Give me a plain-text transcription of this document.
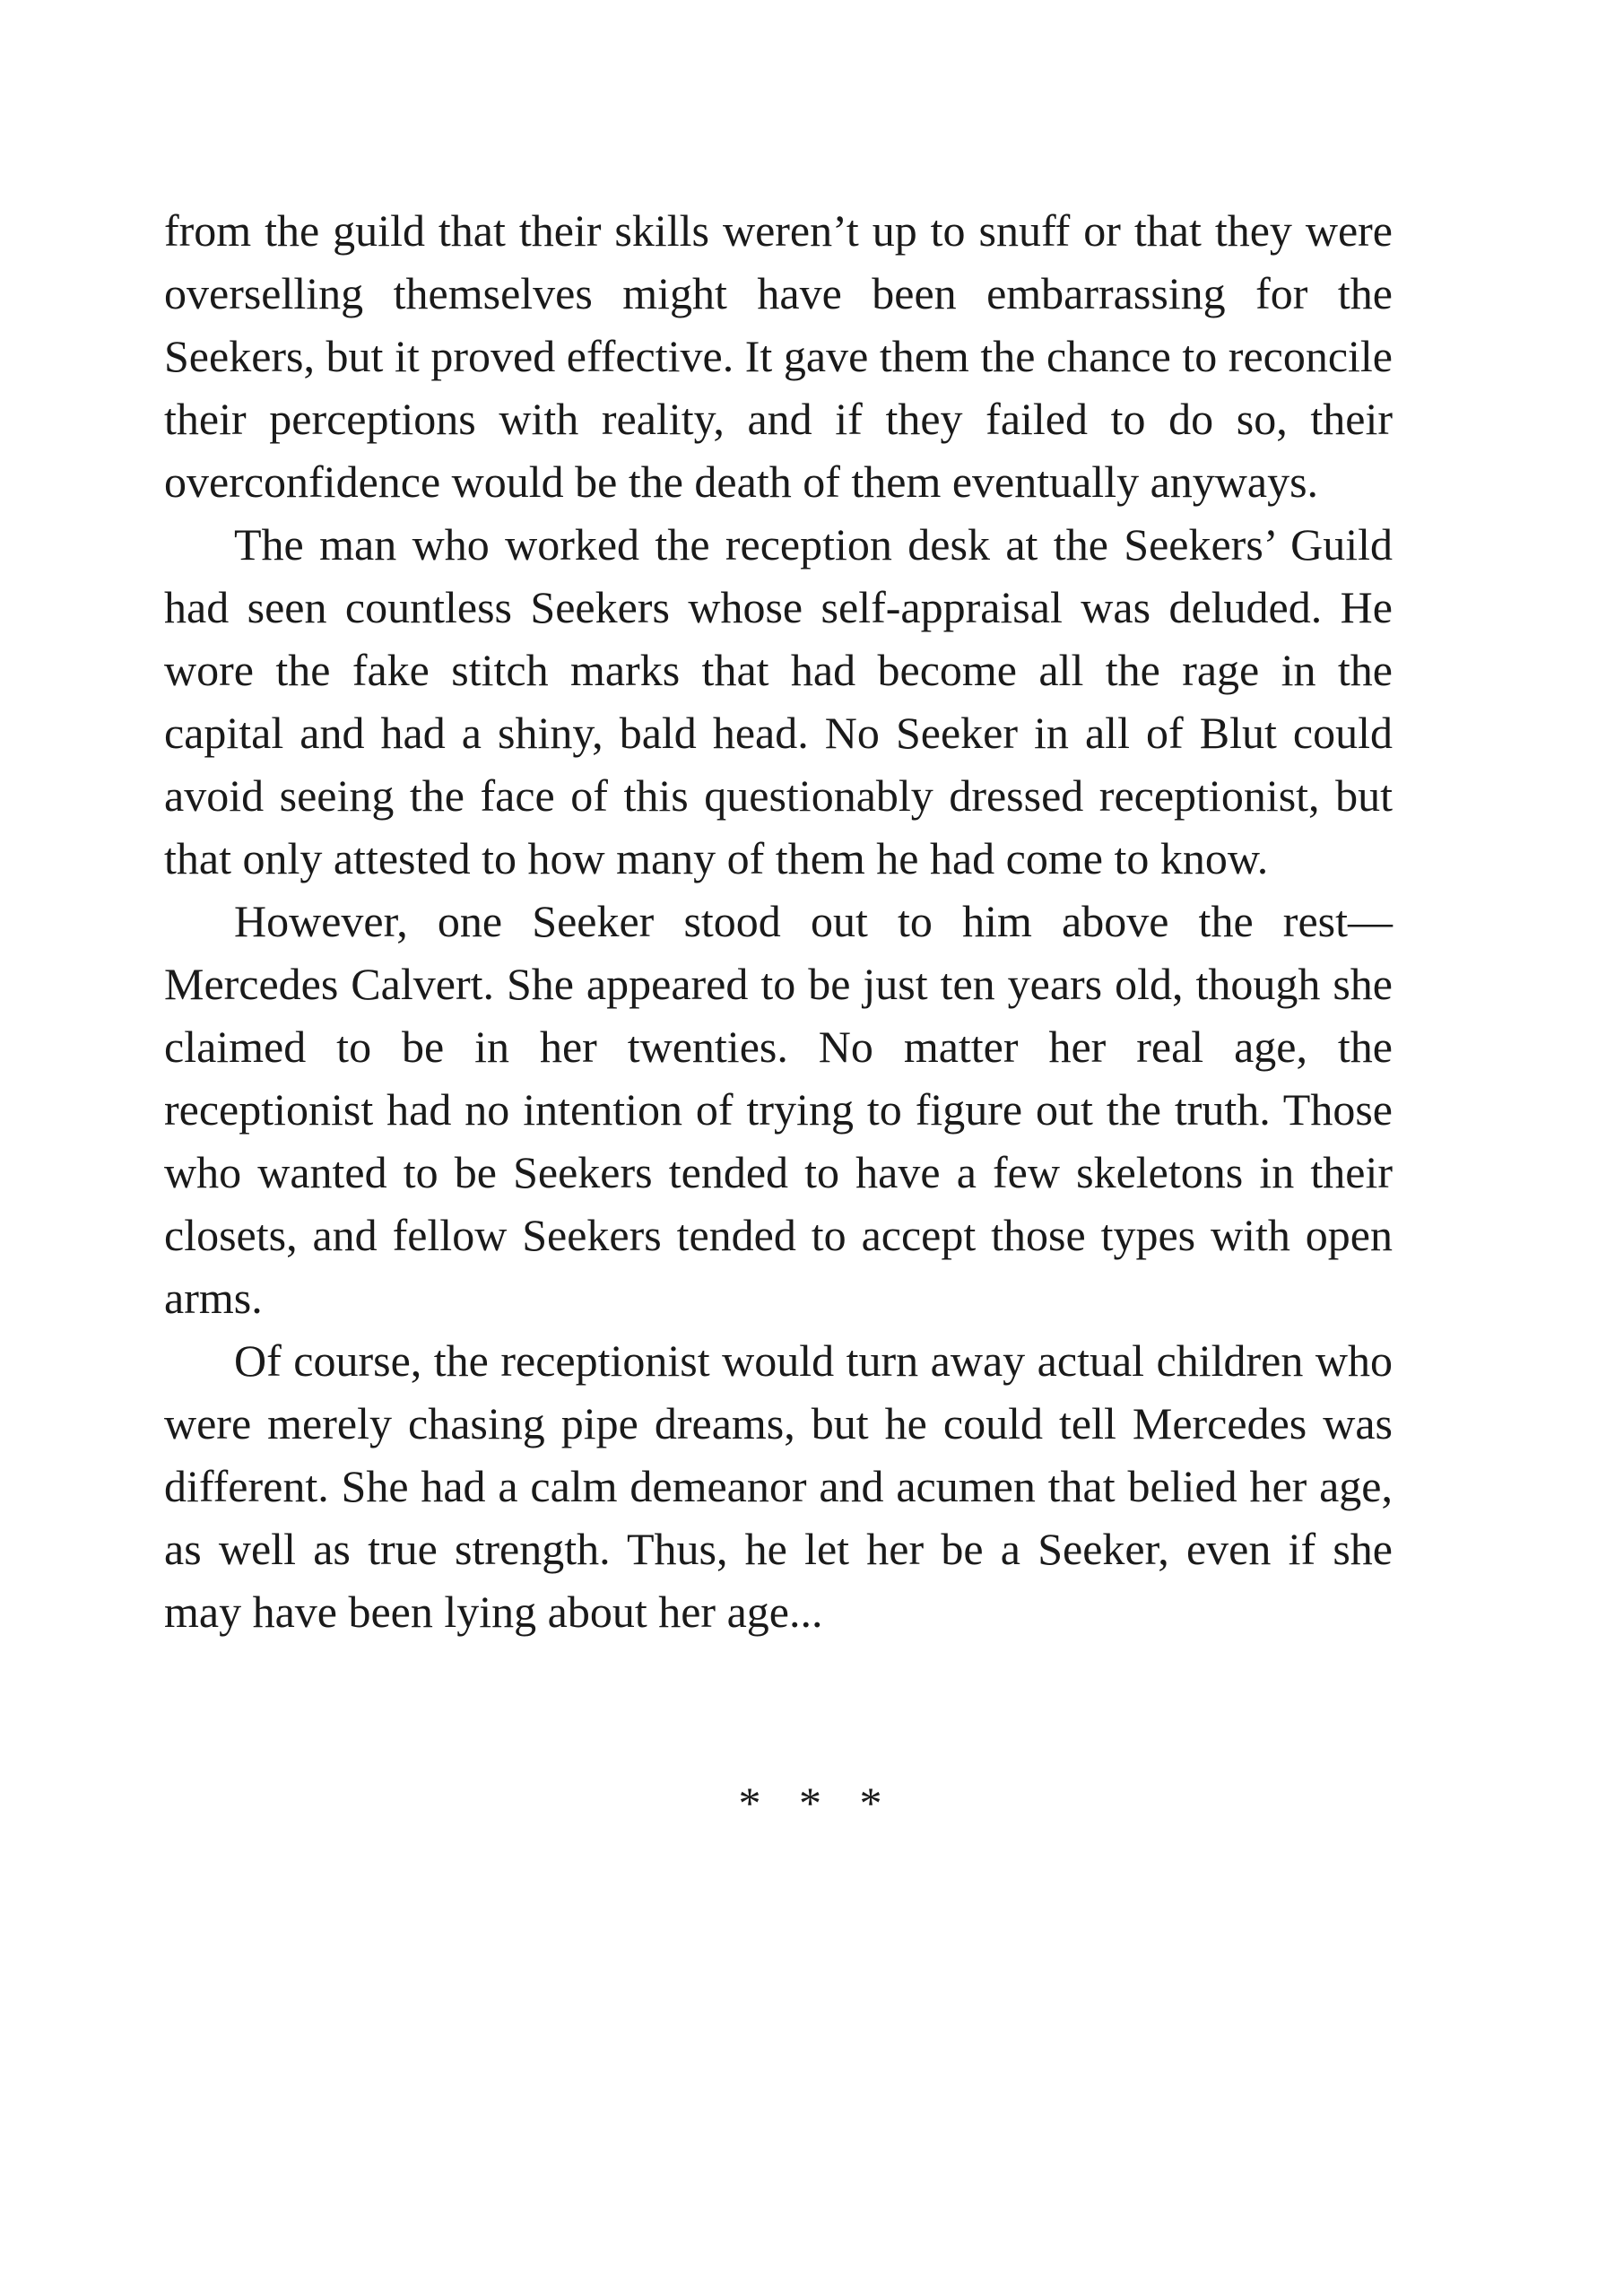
from the guild that their skills weren’t up to snuff or that they were overselling themselves might have been embarrassing for the Seekers, but it proved effective. It gave them the chance to reconcile their perceptions with reality, and if they failed to do so, their overconfidence would be the death of them eventually anyways.

The man who worked the reception desk at the Seekers’ Guild had seen countless Seekers whose self-appraisal was deluded. He wore the fake stitch marks that had become all the rage in the capital and had a shiny, bald head. No Seeker in all of Blut could avoid seeing the face of this questionably dressed receptionist, but that only attested to how many of them he had come to know.

However, one Seeker stood out to him above the rest—Mercedes Calvert. She appeared to be just ten years old, though she claimed to be in her twenties. No matter her real age, the receptionist had no intention of trying to figure out the truth. Those who wanted to be Seekers tended to have a few skeletons in their closets, and fellow Seekers tended to accept those types with open arms.

Of course, the receptionist would turn away actual children who were merely chasing pipe dreams, but he could tell Mercedes was different. She had a calm demeanor and acumen that belied her age, as well as true strength. Thus, he let her be a Seeker, even if she may have been lying about her age...

* * *
